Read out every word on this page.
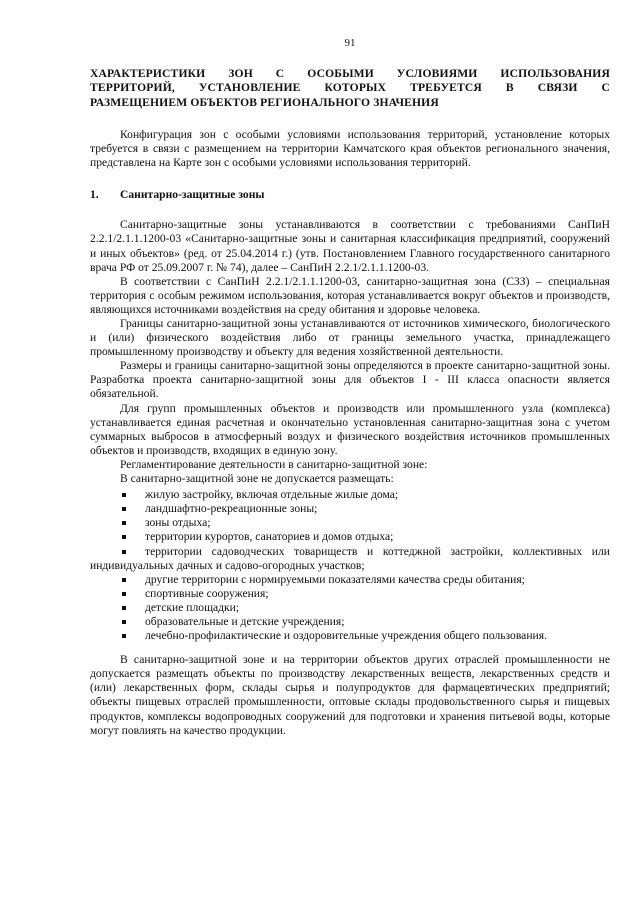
91
ХАРАКТЕРИСТИКИ ЗОН С ОСОБЫМИ УСЛОВИЯМИ ИСПОЛЬЗОВАНИЯ
ТЕРРИТОРИЙ, УСТАНОВЛЕНИЕ КОТОРЫХ ТРЕБУЕТСЯ В СВЯЗИ С
РАЗМЕЩЕНИЕМ ОБЪЕКТОВ РЕГИОНАЛЬНОГО ЗНАЧЕНИЯ

Конфигурация зон с особыми условиями использования территорий, установление которых требуется в связи с размещением на территории Камчатского края объектов регионального значения, представлена на Карте зон с особыми условиями использования территорий.

1.	Санитарно-защитные зоны

Санитарно-защитные зоны устанавливаются в соответствии с требованиями СанПиН 2.2.1/2.1.1.1200-03 «Санитарно-защитные зоны и санитарная классификация предприятий, сооружений и иных объектов» (ред. от 25.04.2014 г.) (утв. Постановлением Главного государственного санитарного врача РФ от 25.09.2007 г. № 74), далее – СанПиН 2.2.1/2.1.1.1200-03.

В соответствии с СанПиН 2.2.1/2.1.1.1200-03, санитарно-защитная зона (СЗЗ) – специальная территория с особым режимом использования, которая устанавливается вокруг объектов и производств, являющихся источниками воздействия на среду обитания и здоровье человека.

Границы санитарно-защитной зоны устанавливаются от источников химического, биологического и (или) физического воздействия либо от границы земельного участка, принадлежащего промышленному производству и объекту для ведения хозяйственной деятельности.

Размеры и границы санитарно-защитной зоны определяются в проекте санитарно-защитной зоны. Разработка проекта санитарно-защитной зоны для объектов I - III класса опасности является обязательной.

Для групп промышленных объектов и производств или промышленного узла (комплекса) устанавливается единая расчетная и окончательно установленная санитарно-защитная зона с учетом суммарных выбросов в атмосферный воздух и физического воздействия источников промышленных объектов и производств, входящих в единую зону.

Регламентирование деятельности в санитарно-защитной зоне:

В санитарно-защитной зоне не допускается размещать:

жилую застройку, включая отдельные жилые дома;
ландшафтно-рекреационные зоны;
зоны отдыха;
территории курортов, санаториев и домов отдыха;
территории садоводческих товариществ и коттеджной застройки, коллективных или индивидуальных дачных и садово-огородных участков;
другие территории с нормируемыми показателями качества среды обитания;
спортивные сооружения;
детские площадки;
образовательные и детские учреждения;
лечебно-профилактические и оздоровительные учреждения общего пользования.

В санитарно-защитной зоне и на территории объектов других отраслей промышленности не допускается размещать объекты по производству лекарственных веществ, лекарственных средств и (или) лекарственных форм, склады сырья и полупродуктов для фармацевтических предприятий; объекты пищевых отраслей промышленности, оптовые склады продовольственного сырья и пищевых продуктов, комплексы водопроводных сооружений для подготовки и хранения питьевой воды, которые могут повлиять на качество продукции.
